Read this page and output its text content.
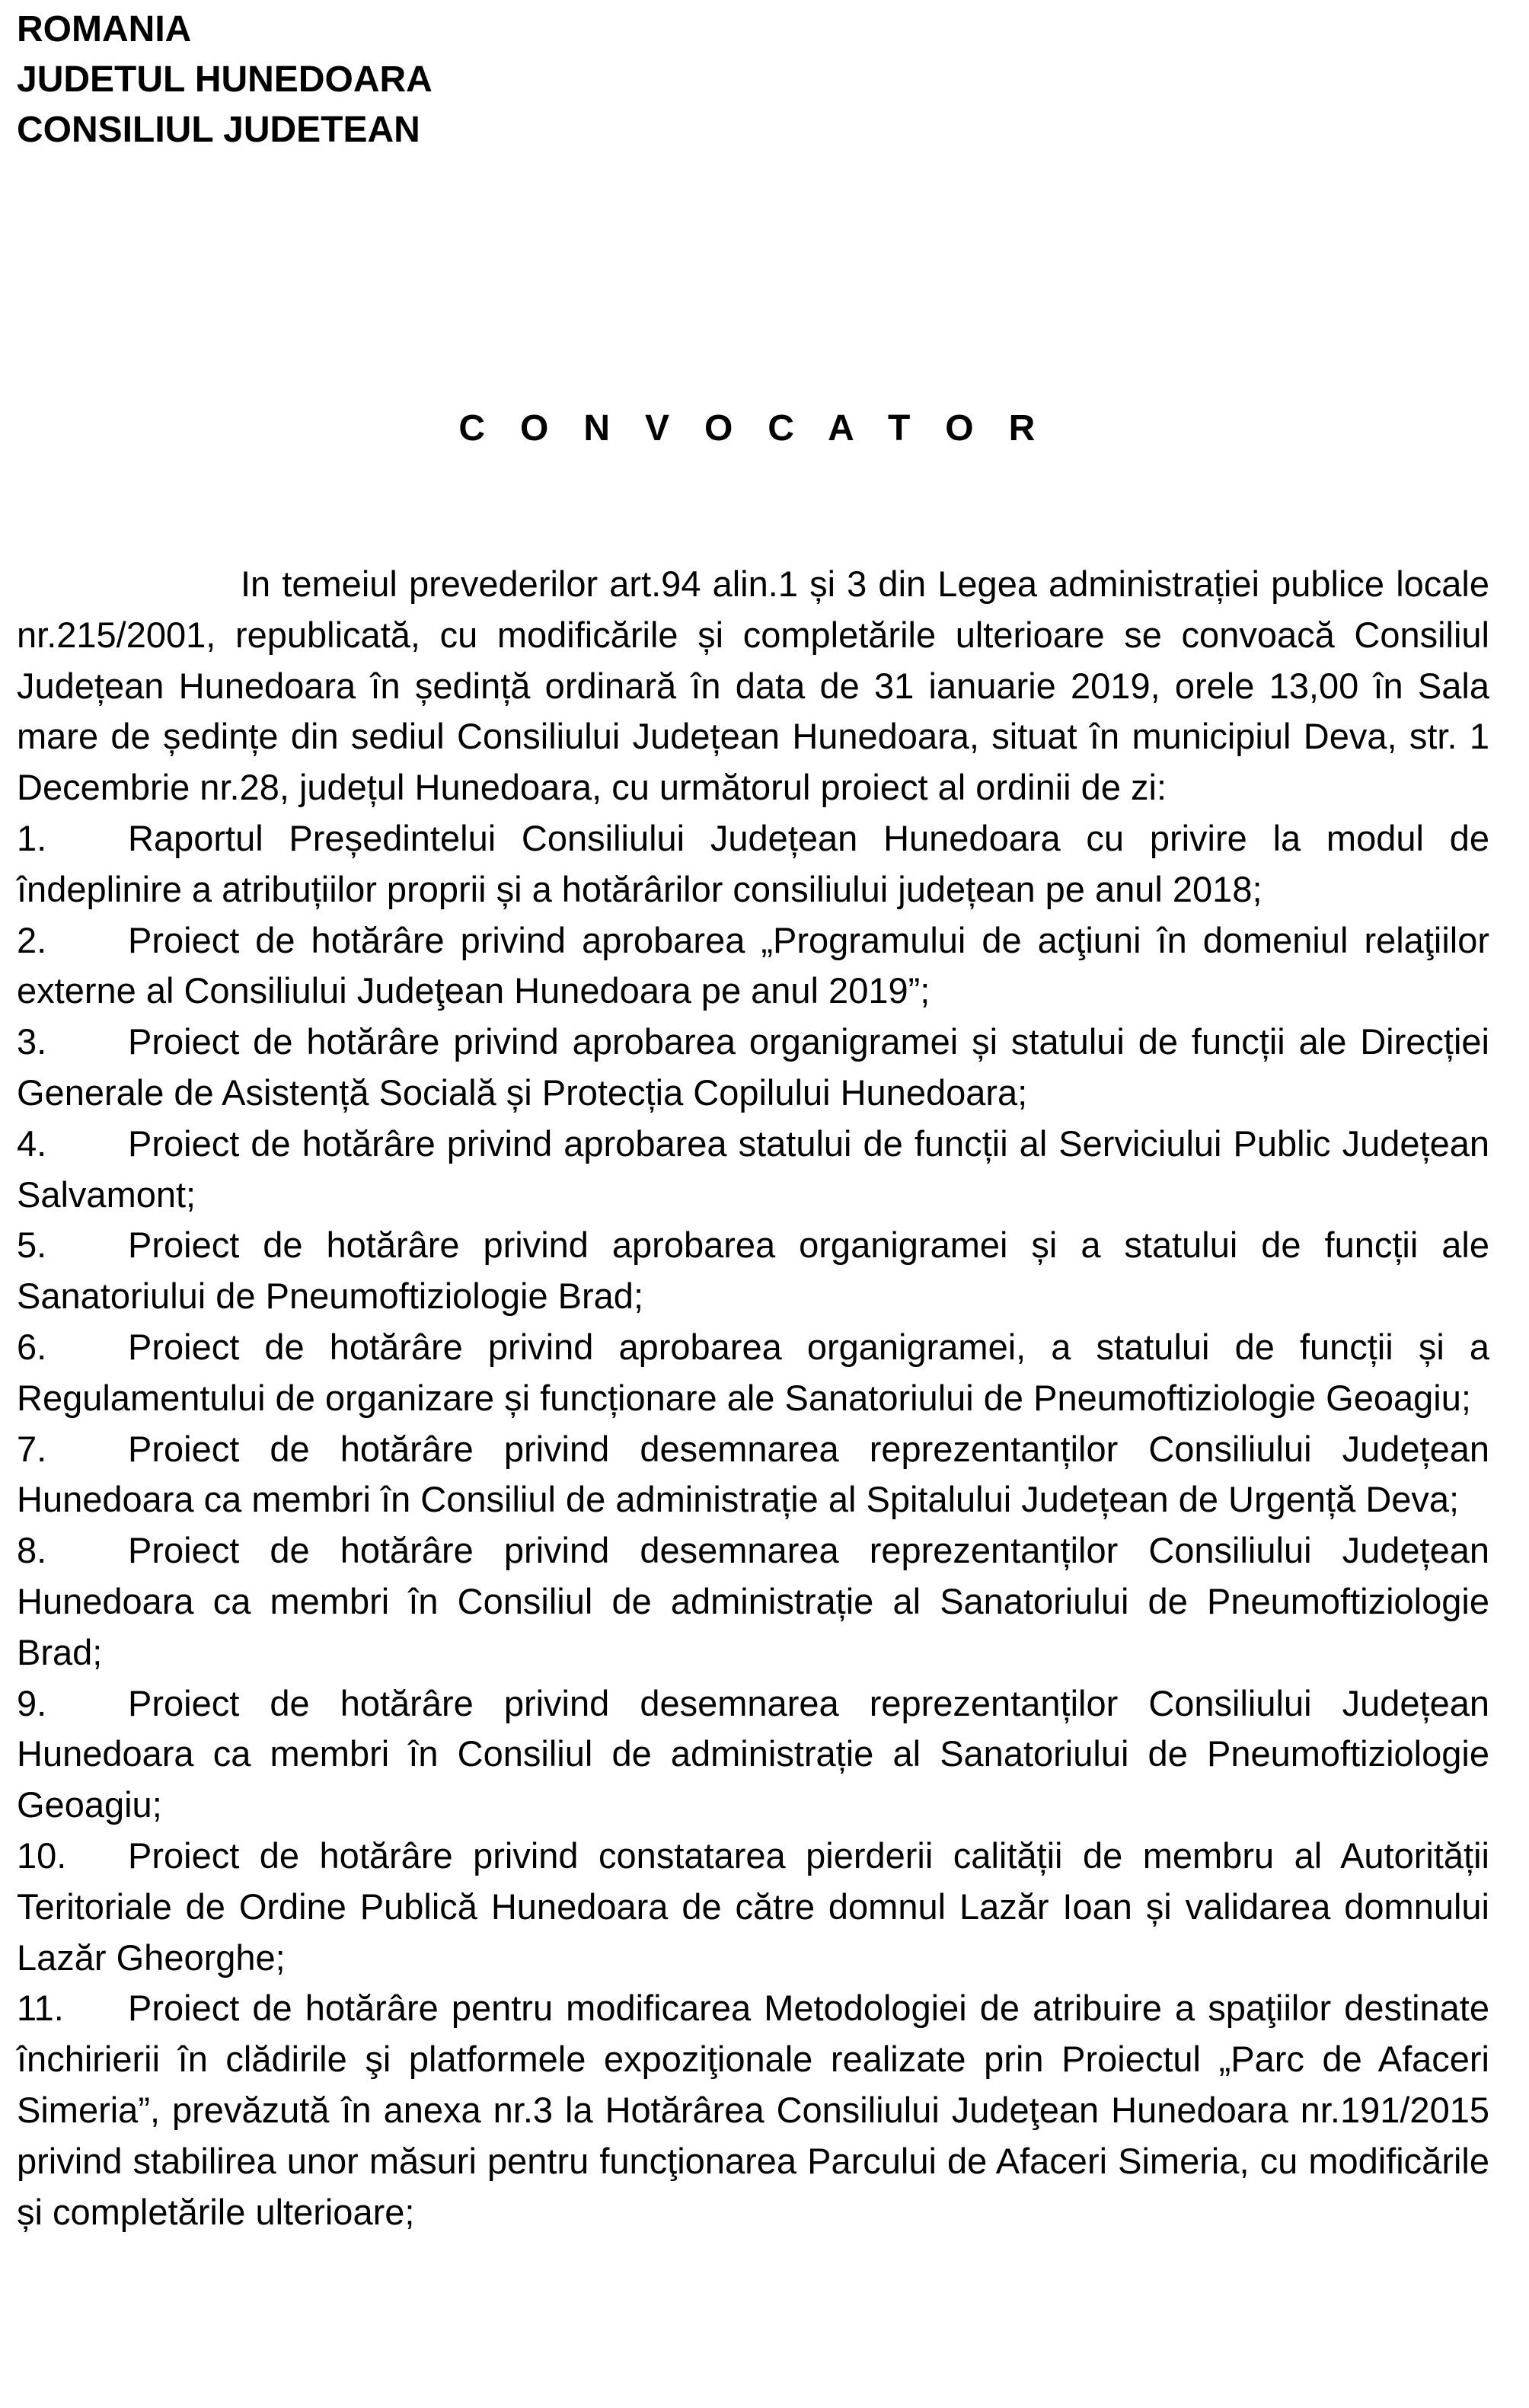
ROMANIA
JUDETUL HUNEDOARA
CONSILIUL JUDETEAN
C O N V O C A T O R

In temeiul prevederilor art.94 alin.1 și 3 din Legea administrației publice locale nr.215/2001, republicată, cu modificările și completările ulterioare se convoacă Consiliul Județean Hunedoara în ședință ordinară în data de 31 ianuarie 2019, orele 13,00 în Sala mare de ședințe din sediul Consiliului Județean Hunedoara, situat în municipiul Deva, str. 1 Decembrie nr.28, județul Hunedoara, cu următorul proiect al ordinii de zi:

1. Raportul Președintelui Consiliului Județean Hunedoara cu privire la modul de îndeplinire a atribuțiilor proprii și a hotărârilor consiliului județean pe anul 2018;

2. Proiect de hotărâre privind aprobarea „Programului de acţiuni în domeniul relaţiilor externe al Consiliului Judeţean Hunedoara pe anul 2019”;

3. Proiect de hotărâre privind aprobarea organigramei și statului de funcții ale Direcției Generale de Asistență Socială și Protecția Copilului Hunedoara;

4. Proiect de hotărâre privind aprobarea statului de funcții al Serviciului Public Județean Salvamont;

5. Proiect de hotărâre privind aprobarea organigramei și a statului de funcții ale Sanatoriului de Pneumoftiziologie Brad;

6. Proiect de hotărâre privind aprobarea organigramei, a statului de funcții și a Regulamentului de organizare și funcționare ale Sanatoriului de Pneumoftiziologie Geoagiu;

7. Proiect de hotărâre privind desemnarea reprezentanților Consiliului Județean Hunedoara ca membri în Consiliul de administrație al Spitalului Județean de Urgență Deva;

8. Proiect de hotărâre privind desemnarea reprezentanților Consiliului Județean Hunedoara ca membri în Consiliul de administrație al Sanatoriului de Pneumoftiziologie Brad;

9. Proiect de hotărâre privind desemnarea reprezentanților Consiliului Județean Hunedoara ca membri în Consiliul de administrație al Sanatoriului de Pneumoftiziologie Geoagiu;

10. Proiect de hotărâre privind constatarea pierderii calității de membru al Autorității Teritoriale de Ordine Publică Hunedoara de către domnul Lazăr Ioan și validarea domnului Lazăr Gheorghe;

11. Proiect de hotărâre pentru modificarea Metodologiei de atribuire a spaţiilor destinate închirierii în clădirile şi platformele expoziţionale realizate prin Proiectul „Parc de Afaceri Simeria”, prevăzută în anexa nr.3 la Hotărârea Consiliului Judeţean Hunedoara nr.191/2015 privind stabilirea unor măsuri pentru funcţionarea Parcului de Afaceri Simeria, cu modificările și completările ulterioare;
